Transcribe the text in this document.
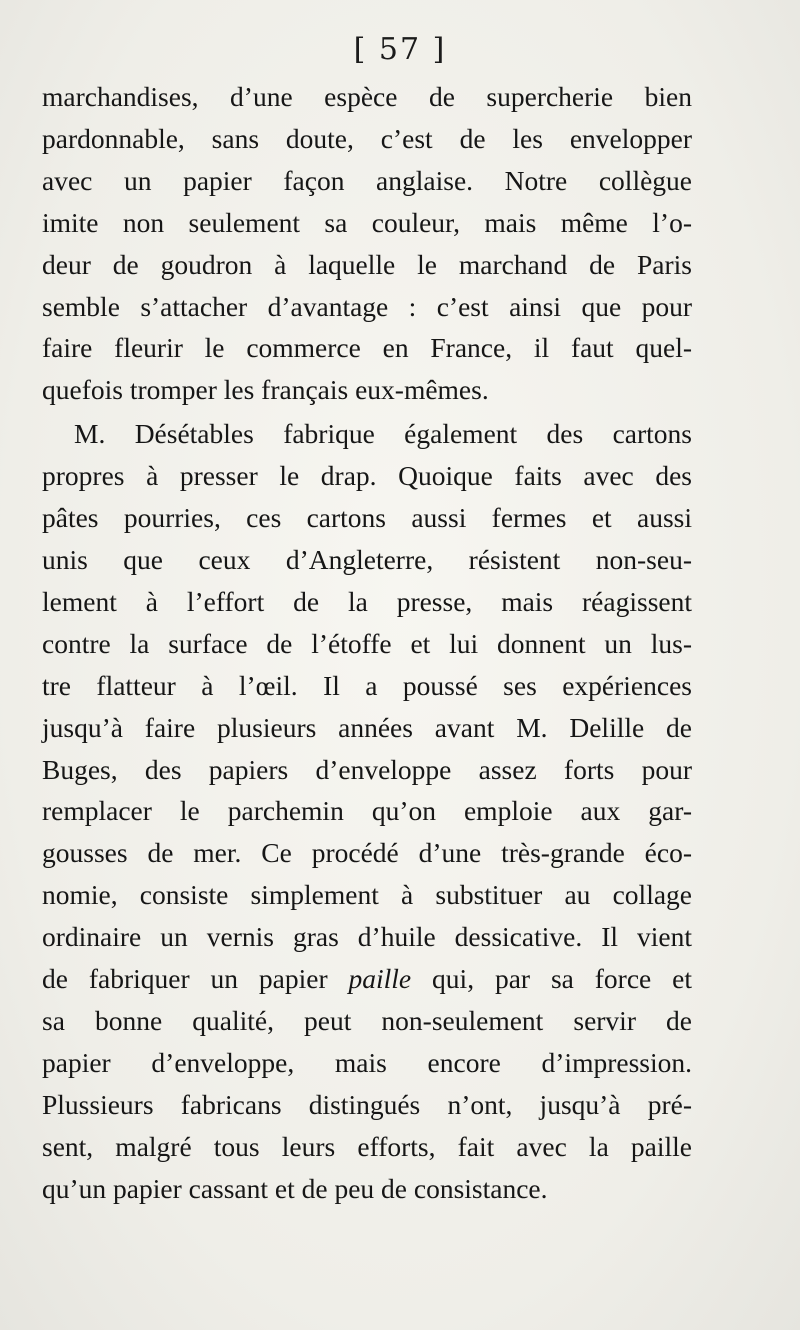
[ 57 ]
marchandises, d’une espèce de supercherie bien
pardonnable, sans doute, c’est de les envelopper
avec un papier façon anglaise. Notre collègue
imite non seulement sa couleur, mais même l’o-
deur de goudron à laquelle le marchand de Paris
semble s’attacher d’avantage : c’est ainsi que pour
faire fleurir le commerce en France, il faut quel-
quefois tromper les français eux-mêmes.
M. Désétables fabrique également des cartons
propres à presser le drap. Quoique faits avec des
pâtes pourries, ces cartons aussi fermes et aussi
unis que ceux d’Angleterre, résistent non-seu-
lement à l’effort de la presse, mais réagissent
contre la surface de l’étoffe et lui donnent un lus-
tre flatteur à l’œil. Il a poussé ses expériences
jusqu’à faire plusieurs années avant M. Delille de
Buges, des papiers d’enveloppe assez forts pour
remplacer le parchemin qu’on emploie aux gar-
gousses de mer. Ce procédé d’une très-grande éco-
nomie, consiste simplement à substituer au collage
ordinaire un vernis gras d’huile dessicative. Il vient
de fabriquer un papier paille qui, par sa force et
sa bonne qualité, peut non-seulement servir de
papier d’enveloppe, mais encore d’impression.
Plussieurs fabricans distingués n’ont, jusqu’à pré-
sent, malgré tous leurs efforts, fait avec la paille
qu’un papier cassant et de peu de consistance.
